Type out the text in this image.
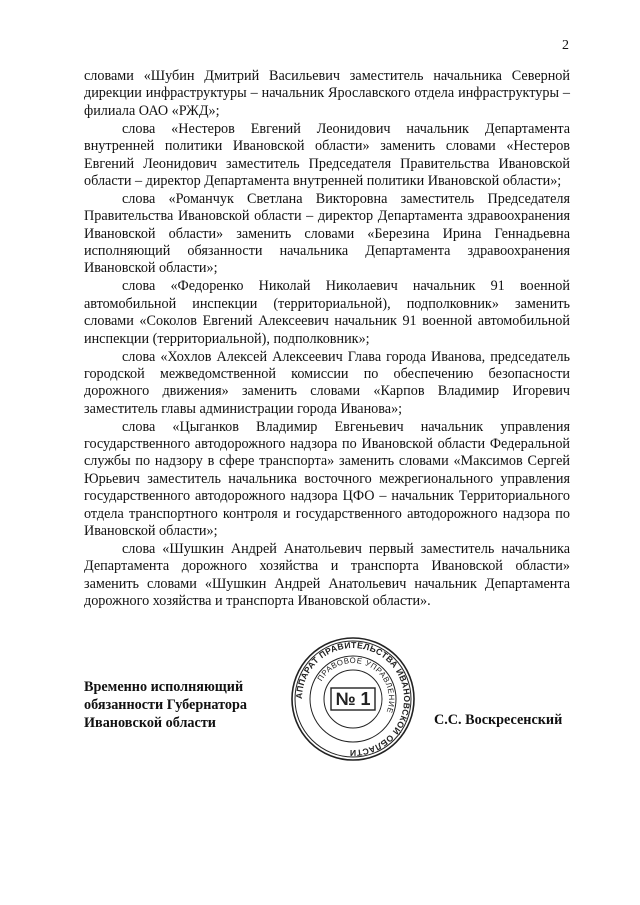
2

словами «Шубин Дмитрий Васильевич заместитель начальника Северной дирекции инфраструктуры – начальник Ярославского отдела инфраструктуры – филиала ОАО «РЖД»;

слова «Нестеров Евгений Леонидович начальник Департамента внутренней политики Ивановской области» заменить словами «Нестеров Евгений Леонидович заместитель Председателя Правительства Ивановской области – директор Департамента внутренней политики Ивановской области»;

слова «Романчук Светлана Викторовна заместитель Председателя Правительства Ивановской области – директор Департамента здравоохранения Ивановской области» заменить словами «Березина Ирина Геннадьевна исполняющий обязанности начальника Департамента здравоохранения Ивановской области»;

слова «Федоренко Николай Николаевич начальник 91 военной автомобильной инспекции (территориальной), подполковник» заменить словами «Соколов Евгений Алексеевич начальник 91 военной автомобильной инспекции (территориальной), подполковник»;

слова «Хохлов Алексей Алексеевич Глава города Иванова, председатель городской межведомственной комиссии по обеспечению безопасности дорожного движения» заменить словами «Карпов Владимир Игоревич заместитель главы администрации города Иванова»;

слова «Цыганков Владимир Евгеньевич начальник управления государственного автодорожного надзора по Ивановской области Федеральной службы по надзору в сфере транспорта» заменить словами «Максимов Сергей Юрьевич заместитель начальника восточного межрегионального управления государственного автодорожного надзора ЦФО – начальник Территориального отдела транспортного контроля и государственного автодорожного надзора по Ивановской области»;

слова «Шушкин Андрей Анатольевич первый заместитель начальника Департамента дорожного хозяйства и транспорта Ивановской области» заменить словами «Шушкин Андрей Анатольевич начальник Департамента дорожного хозяйства и транспорта Ивановской области».

Временно исполняющий
обязанности Губернатора
Ивановской области
АППАРАТ ПРАВИТЕЛЬСТВА ИВАНОВСКОЙ ОБЛАСТИ
ПРАВОВОЕ УПРАВЛЕНИЕ
№ 1
С.С. Воскресенский
